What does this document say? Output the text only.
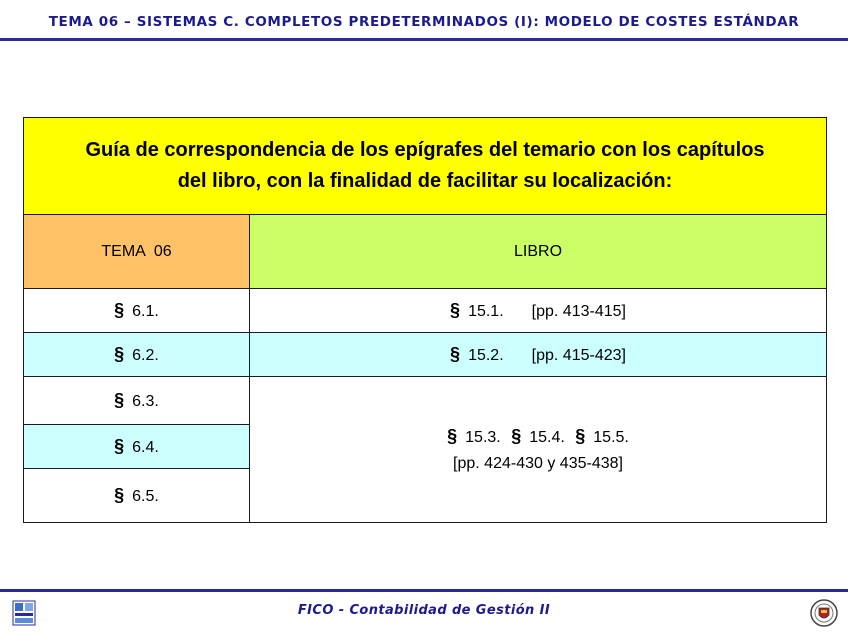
TEMA 06 – SISTEMAS C. COMPLETOS PREDETERMINADOS (I): MODELO DE COSTES ESTÁNDAR
Guía de correspondencia de los epígrafes del temario con los capítulos
del libro, con la finalidad de facilitar su localización:	
TEMA  06	LIBRO
§ 6.1.	§ 15.1. [pp. 413-415]
§ 6.2.	§ 15.2. [pp. 415-423]
§ 6.3.	§ 15.3. § 15.4. § 15.5.
[pp. 424-430 y 435-438]
§ 6.4.	
§ 6.5.	
FICO - Contabilidad de Gestión II
